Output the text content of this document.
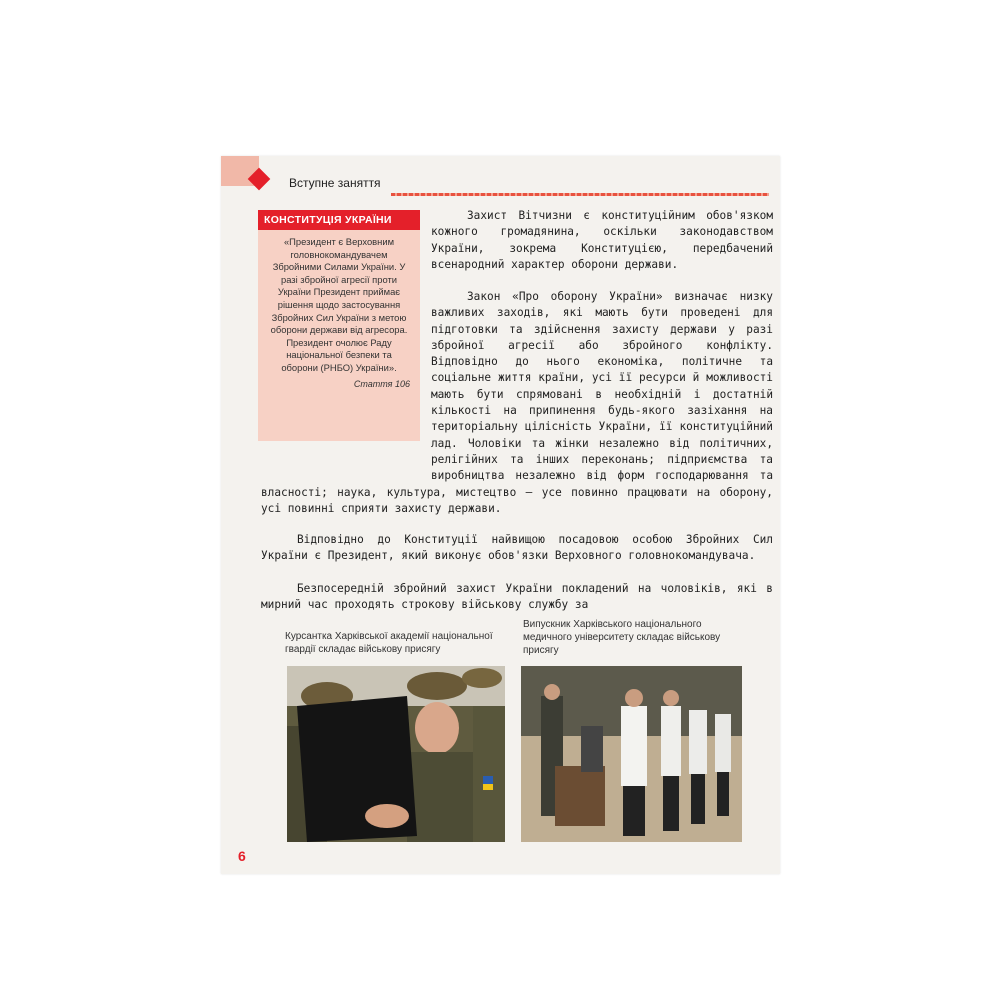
Вступне заняття
КОНСТИТУЦІЯ УКРАЇНИ
«Президент є Верховним головнокомандувачем Збройними Силами України. У разі збройної агресії проти України Президент приймає рішення щодо застосування Збройних Сил України з метою оборони держави від агресора. Президент очолює Раду національної безпеки та оборони (РНБО) України».
Стаття 106

Захист Вітчизни є конституційним обов'язком кожного громадянина, оскільки законодавством України, зокрема Конституцією, передбачений всенародний характер оборони держави.

Закон «Про оборону України» визначає низку важливих заходів, які мають бути проведені для підготовки та здійснення захисту держави у разі збройної агресії або збройного конфлікту. Відповідно до нього економіка, політичне та соціальне життя країни, усі її ресурси й можливості мають бути спрямовані в необхідній і достатній кількості на припинення будь-якого зазіхання на територіальну цілісність України, її конституційний лад. Чоловіки та жінки незалежно від політичних, релігійних та інших переконань; підприємства та виробництва незалежно від форм господарювання та власності; наука, культура, мистецтво — усе повинно працювати на оборону, усі повинні сприяти захисту держави.

Відповідно до Конституції найвищою посадовою особою Збройних Сил України є Президент, який виконує обов'язки Верховного головнокомандувача.

Безпосередній збройний захист України покладений на чоловіків, які в мирний час проходять строкову військову службу за

Курсантка Харківської академії національної гвардії складає військову присягу

Випускник Харківського національного медичного університету складає військову присягу

6
